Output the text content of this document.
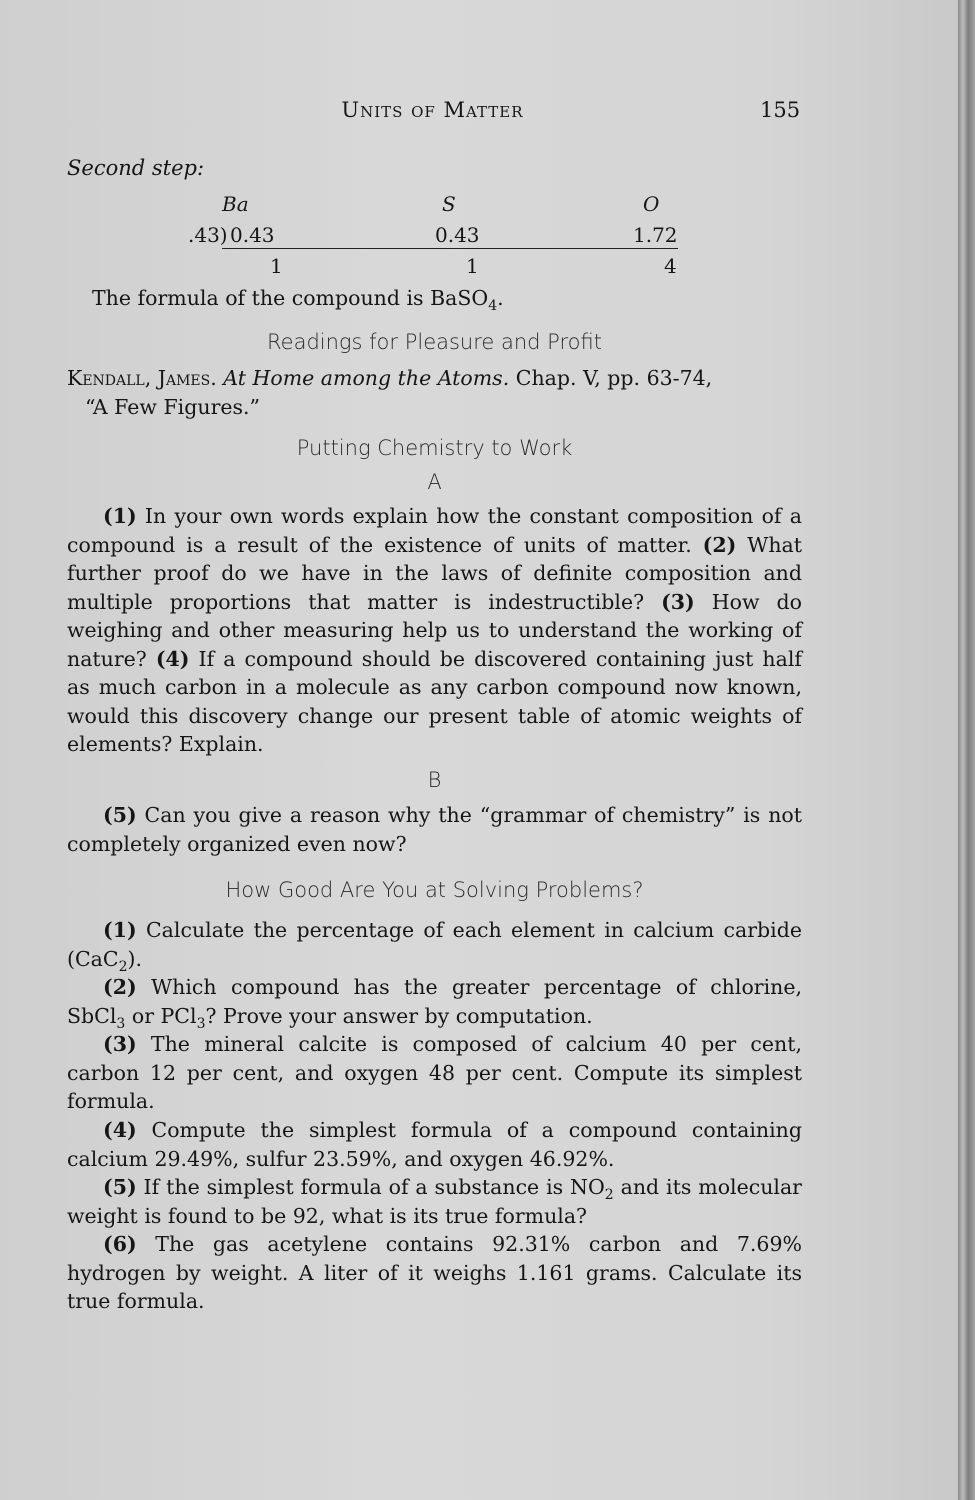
Units of Matter	155
Second step:
Ba	S	O
.43) 0.43	0.43	1.72
1	1	4
The formula of the compound is BaSO$_4$.
Readings for Pleasure and Profit
Kendall, James. At Home among the Atoms. Chap. V, pp. 63-74,
“A Few Figures.”
Putting Chemistry to Work
A
(1) In your own words explain how the constant composition of a compound is a result of the existence of units of matter. (2) What further proof do we have in the laws of definite composition and multiple proportions that matter is indestructible? (3) How do weighing and other measuring help us to understand the working of nature? (4) If a compound should be discovered containing just half as much carbon in a molecule as any carbon compound now known, would this discovery change our present table of atomic weights of elements? Explain.
B
(5) Can you give a reason why the “grammar of chemistry” is not completely organized even now?
How Good Are You at Solving Problems?
(1) Calculate the percentage of each element in calcium carbide (CaC$_2$).
(2) Which compound has the greater percentage of chlorine, SbCl$_3$ or PCl$_3$? Prove your answer by computation.
(3) The mineral calcite is composed of calcium 40 per cent, carbon 12 per cent, and oxygen 48 per cent. Compute its simplest formula.
(4) Compute the simplest formula of a compound containing calcium 29.49%, sulfur 23.59%, and oxygen 46.92%.
(5) If the simplest formula of a substance is $NO_2$ and its molecular weight is found to be 92, what is its true formula?
(6) The gas acetylene contains 92.31% carbon and 7.69% hydrogen by weight. A liter of it weighs 1.161 grams. Calculate its true formula.
